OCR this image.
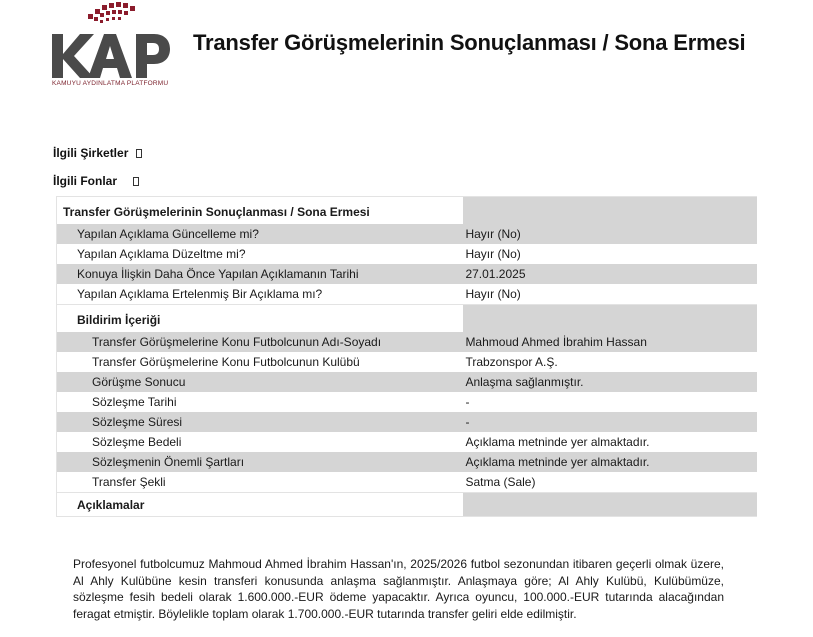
KAMUYU AYDINLATMA PLATFORMU
Transfer Görüşmelerinin Sonuçlanması / Sona Ermesi
İlgili Şirketler
İlgili Fonlar
Transfer Görüşmelerinin Sonuçlanması / Sona Ermesi
Yapılan Açıklama Güncelleme mi?	Hayır (No)
Yapılan Açıklama Düzeltme mi?	Hayır (No)
Konuya İlişkin Daha Önce Yapılan Açıklamanın Tarihi	27.01.2025
Yapılan Açıklama Ertelenmiş Bir Açıklama mı?	Hayır (No)
Bildirim İçeriği
Transfer Görüşmelerine Konu Futbolcunun Adı-Soyadı	Mahmoud Ahmed İbrahim Hassan
Transfer Görüşmelerine Konu Futbolcunun Kulübü	Trabzonspor A.Ş.
Görüşme Sonucu	Anlaşma sağlanmıştır.
Sözleşme Tarihi	-
Sözleşme Süresi	-
Sözleşme Bedeli	Açıklama metninde yer almaktadır.
Sözleşmenin Önemli Şartları	Açıklama metninde yer almaktadır.
Transfer Şekli	Satma (Sale)
Açıklamalar

Profesyonel futbolcumuz Mahmoud Ahmed İbrahim Hassan'ın, 2025/2026 futbol sezonundan itibaren geçerli olmak üzere, Al Ahly Kulübüne kesin transferi konusunda anlaşma sağlanmıştır. Anlaşmaya göre; Al Ahly Kulübü, Kulübümüze, sözleşme fesih bedeli olarak 1.600.000.-EUR ödeme yapacaktır. Ayrıca oyuncu, 100.000.-EUR tutarında alacağından feragat etmiştir. Böylelikle toplam olarak 1.700.000.-EUR tutarında transfer geliri elde edilmiştir.
